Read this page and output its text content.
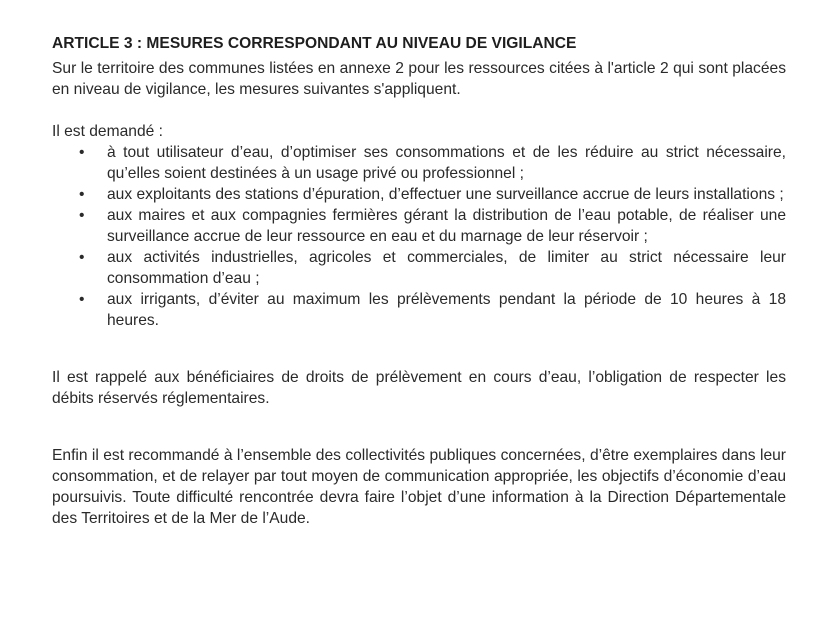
ARTICLE 3 : MESURES CORRESPONDANT AU NIVEAU DE VIGILANCE

Sur le territoire des communes listées en annexe 2 pour les ressources citées à l'article 2 qui sont placées en niveau de vigilance, les mesures suivantes s'appliquent.

Il est demandé :

• à tout utilisateur d’eau, d’optimiser ses consommations et de les réduire au strict nécessaire, qu’elles soient destinées à un usage privé ou professionnel ;
• aux exploitants des stations d’épuration, d’effectuer une surveillance accrue de leurs installations ;
• aux maires et aux compagnies fermières gérant la distribution de l’eau potable, de réaliser une surveillance accrue de leur ressource en eau et du marnage de leur réservoir ;
• aux activités industrielles, agricoles et commerciales, de limiter au strict nécessaire leur consommation d’eau ;
• aux irrigants, d’éviter au maximum les prélèvements pendant la période de 10 heures à 18 heures.

Il est rappelé aux bénéficiaires de droits de prélèvement en cours d’eau, l’obligation de respecter les débits réservés réglementaires.

Enfin il est recommandé à l’ensemble des collectivités publiques concernées, d’être exemplaires dans leur consommation, et de relayer par tout moyen de communication appropriée, les objectifs d’économie d’eau poursuivis. Toute difficulté rencontrée devra faire l’objet d’une information à la Direction Départementale des Territoires et de la Mer de l’Aude.
